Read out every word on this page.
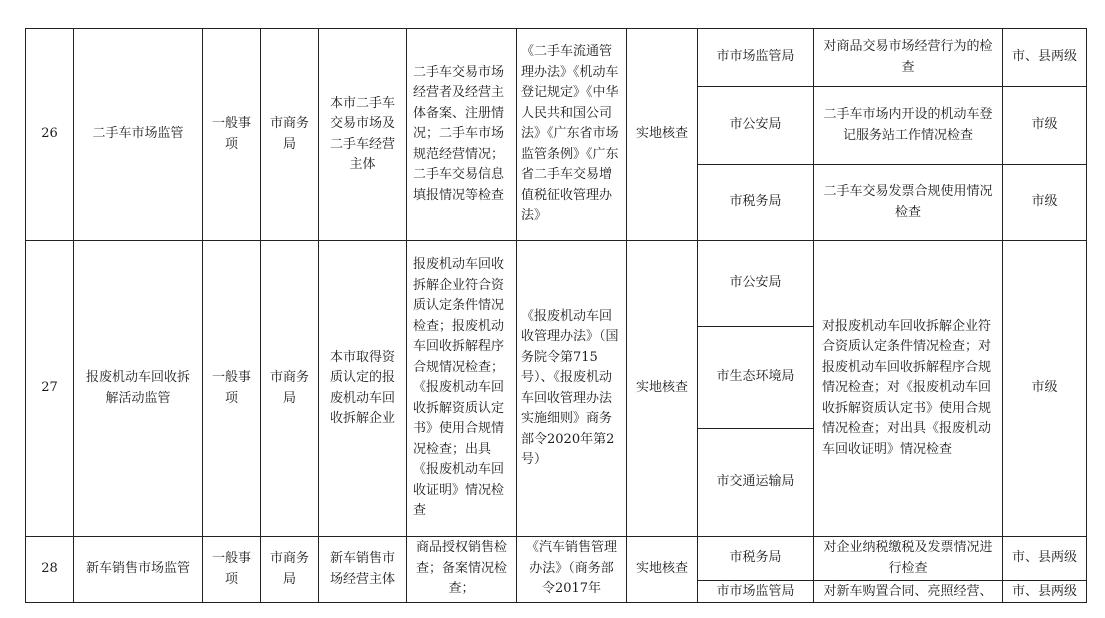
26	二手车市场监管	一般事项	市商务局	本市二手车交易市场及二手车经营主体	二手车交易市场经营者及经营主体备案、注册情况；二手车市场规范经营情况；二手车交易信息填报情况等检查	《二手车流通管理办法》《机动车登记规定》《中华人民共和国公司法》《广东省市场监管条例》《广东省二手车交易增值税征收管理办法》	实地核查	市市场监管局	对商品交易市场经营行为的检查	市、县两级
								市公安局	二手车市场内开设的机动车登记服务站工作情况检查	市级
								市税务局	二手车交易发票合规使用情况检查	市级
27	报废机动车回收拆解活动监管	一般事项	市商务局	本市取得资质认定的报废机动车回收拆解企业	报废机动车回收拆解企业符合资质认定条件情况检查；报废机动车回收拆解程序合规情况检查；《报废机动车回收拆解资质认定书》使用合规情况检查；出具《报废机动车回收证明》情况检查	《报废机动车回收管理办法》（国务院令第715号）、《报废机动车回收管理办法实施细则》商务部令2020年第2号）	实地核查	市公安局	对报废机动车回收拆解企业符合资质认定条件情况检查；对报废机动车回收拆解程序合规情况检查；对《报废机动车回收拆解资质认定书》使用合规情况检查；对出具《报废机动车回收证明》情况检查	市级
								市生态环境局		
								市交通运输局		
28	新车销售市场监管	一般事项	市商务局	新车销售市场经营主体	商品授权销售检查；备案情况检查；	《汽车销售管理办法》（商务部令2017年	实地核查	市税务局	对企业纳税缴税及发票情况进行检查	市、县两级
								市市场监管局	对新车购置合同、亮照经营、	市、县两级
